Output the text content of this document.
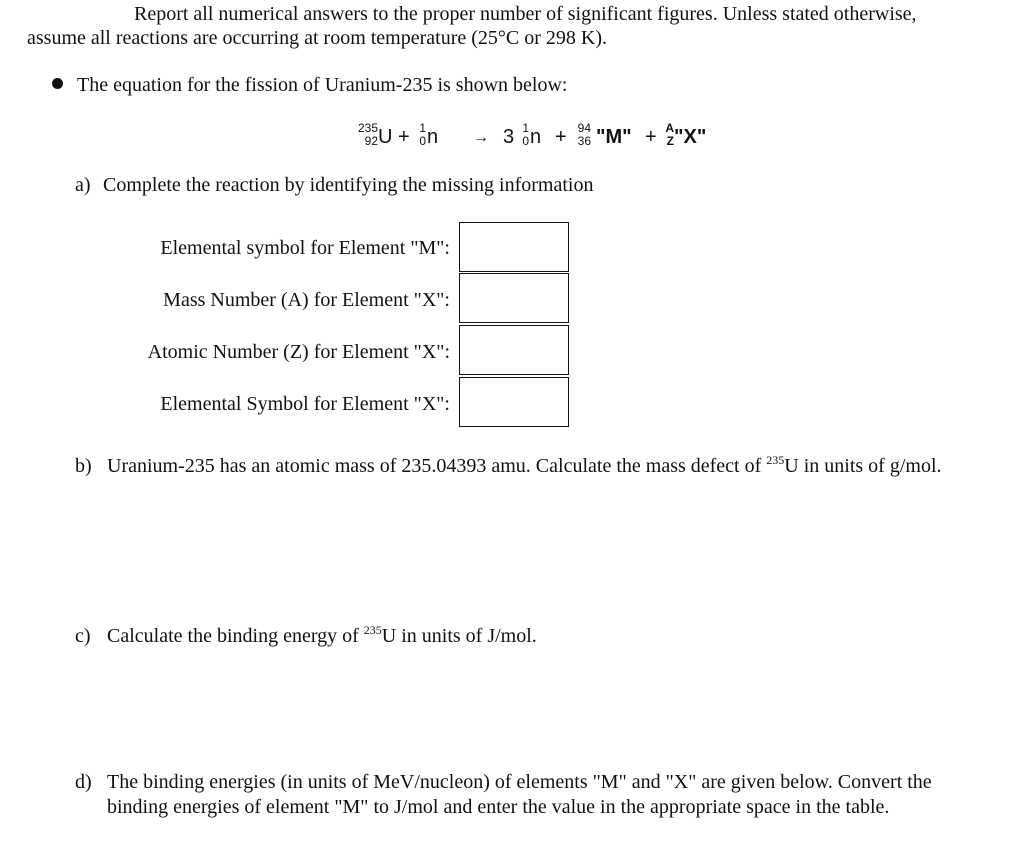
Report all numerical answers to the proper number of significant figures. Unless stated otherwise,
assume all reactions are occurring at room temperature (25°C or 298 K).
The equation for the fission of Uranium-235 is shown below:
235
92 U + 1
0 n → 3 1
0 n + 94
36 "M" + A
Z "X"
a) Complete the reaction by identifying the missing information
Elemental symbol for Element "M":
Mass Number (A) for Element "X":
Atomic Number (Z) for Element "X":
Elemental Symbol for Element "X":
b) Uranium-235 has an atomic mass of 235.04393 amu. Calculate the mass defect of $^{235}$U in units of g/mol.
c) Calculate the binding energy of $^{235}$U in units of J/mol.
d) The binding energies (in units of MeV/nucleon) of elements "M" and "X" are given below. Convert the
binding energies of element "M" to J/mol and enter the value in the appropriate space in the table.
